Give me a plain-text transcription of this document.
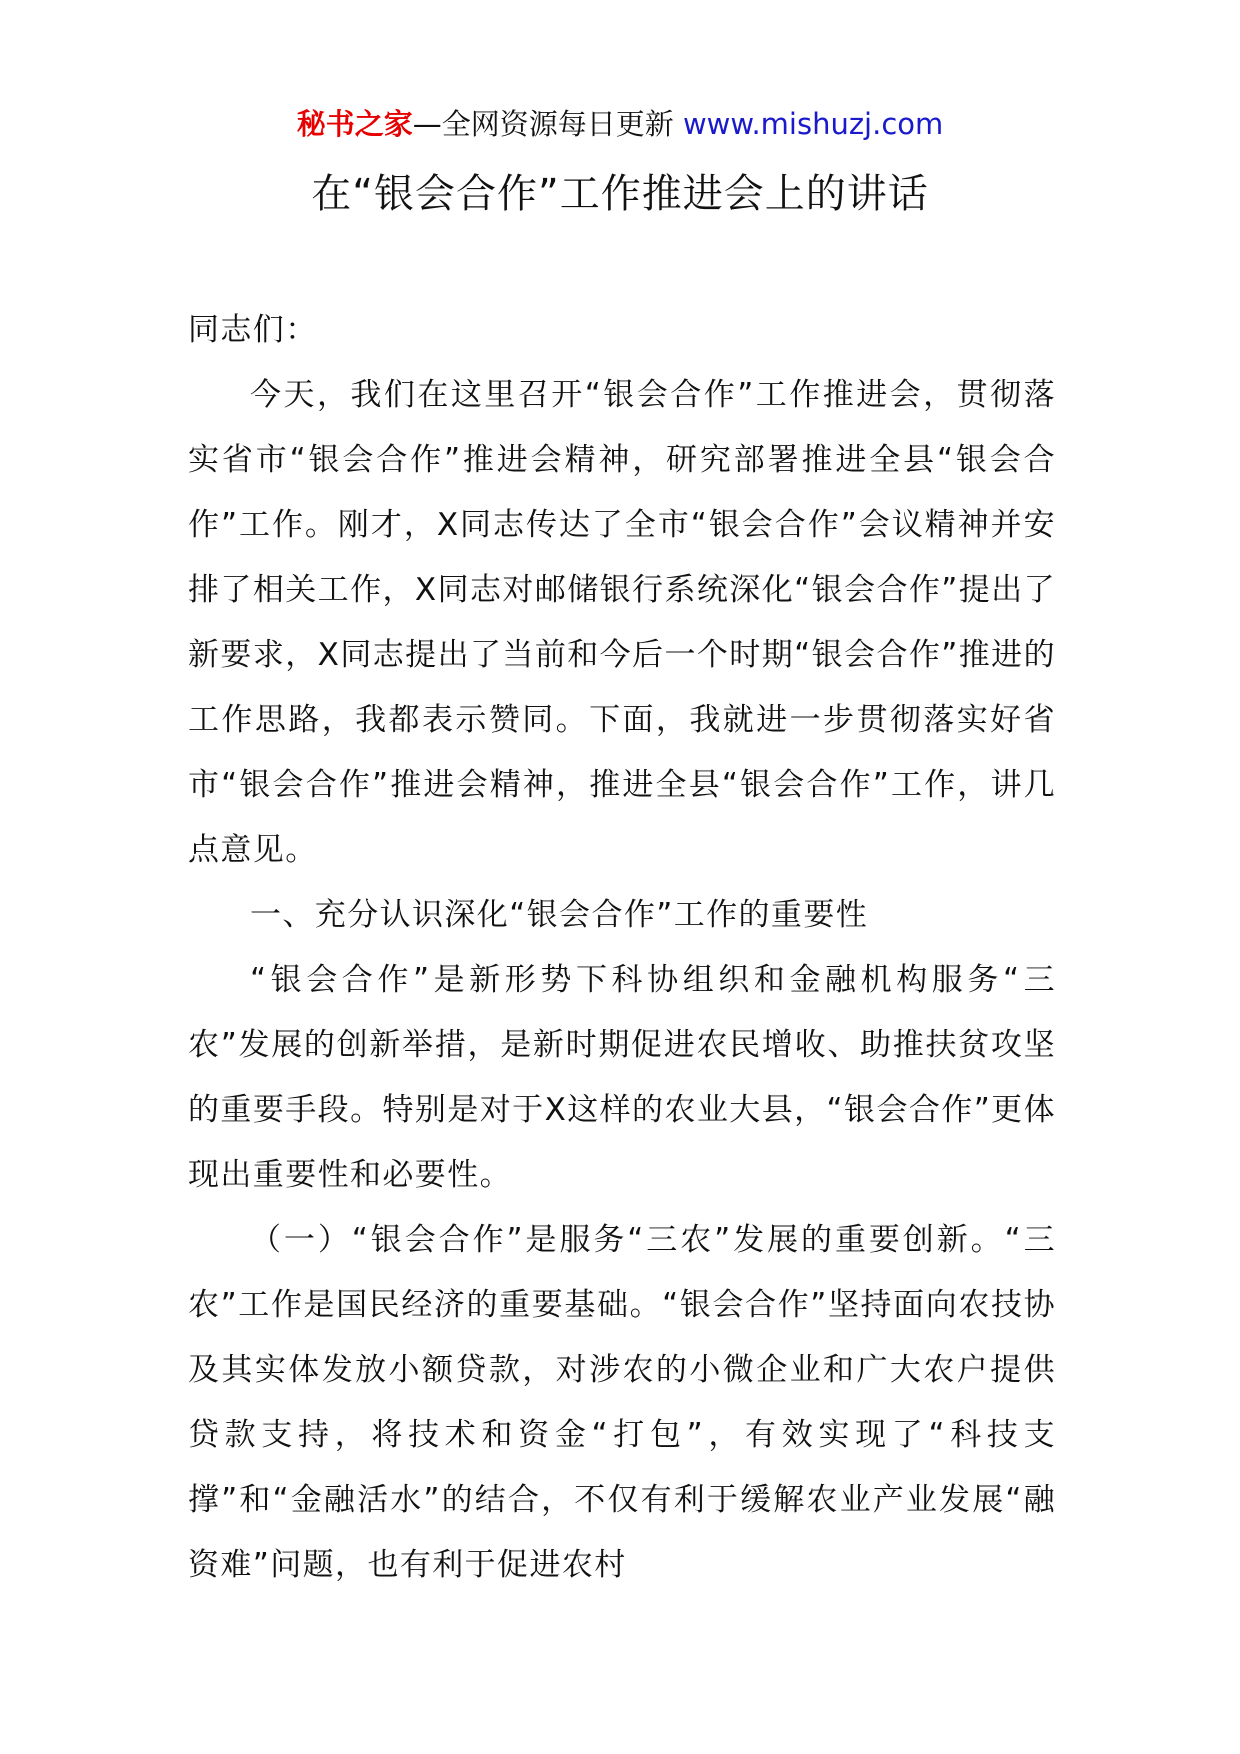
秘书之家—全网资源每日更新 www.mishuzj.com
在“银会合作”工作推进会上的讲话

同志们：

今天，我们在这里召开“银会合作”工作推进会，贯彻落实省市“银会合作”推进会精神，研究部署推进全县“银会合作”工作。刚才，X同志传达了全市“银会合作”会议精神并安排了相关工作，X同志对邮储银行系统深化“银会合作”提出了新要求，X同志提出了当前和今后一个时期“银会合作”推进的工作思路，我都表示赞同。下面，我就进一步贯彻落实好省市“银会合作”推进会精神，推进全县“银会合作”工作，讲几点意见。

一、充分认识深化“银会合作”工作的重要性

“银会合作”是新形势下科协组织和金融机构服务“三农”发展的创新举措，是新时期促进农民增收、助推扶贫攻坚的重要手段。特别是对于X这样的农业大县，“银会合作”更体现出重要性和必要性。

（一）“银会合作”是服务“三农”发展的重要创新。“三农”工作是国民经济的重要基础。“银会合作”坚持面向农技协及其实体发放小额贷款，对涉农的小微企业和广大农户提供贷款支持，将技术和资金“打包”，有效实现了“科技支撑”和“金融活水”的结合，不仅有利于缓解农业产业发展“融资难”问题，也有利于促进农村
